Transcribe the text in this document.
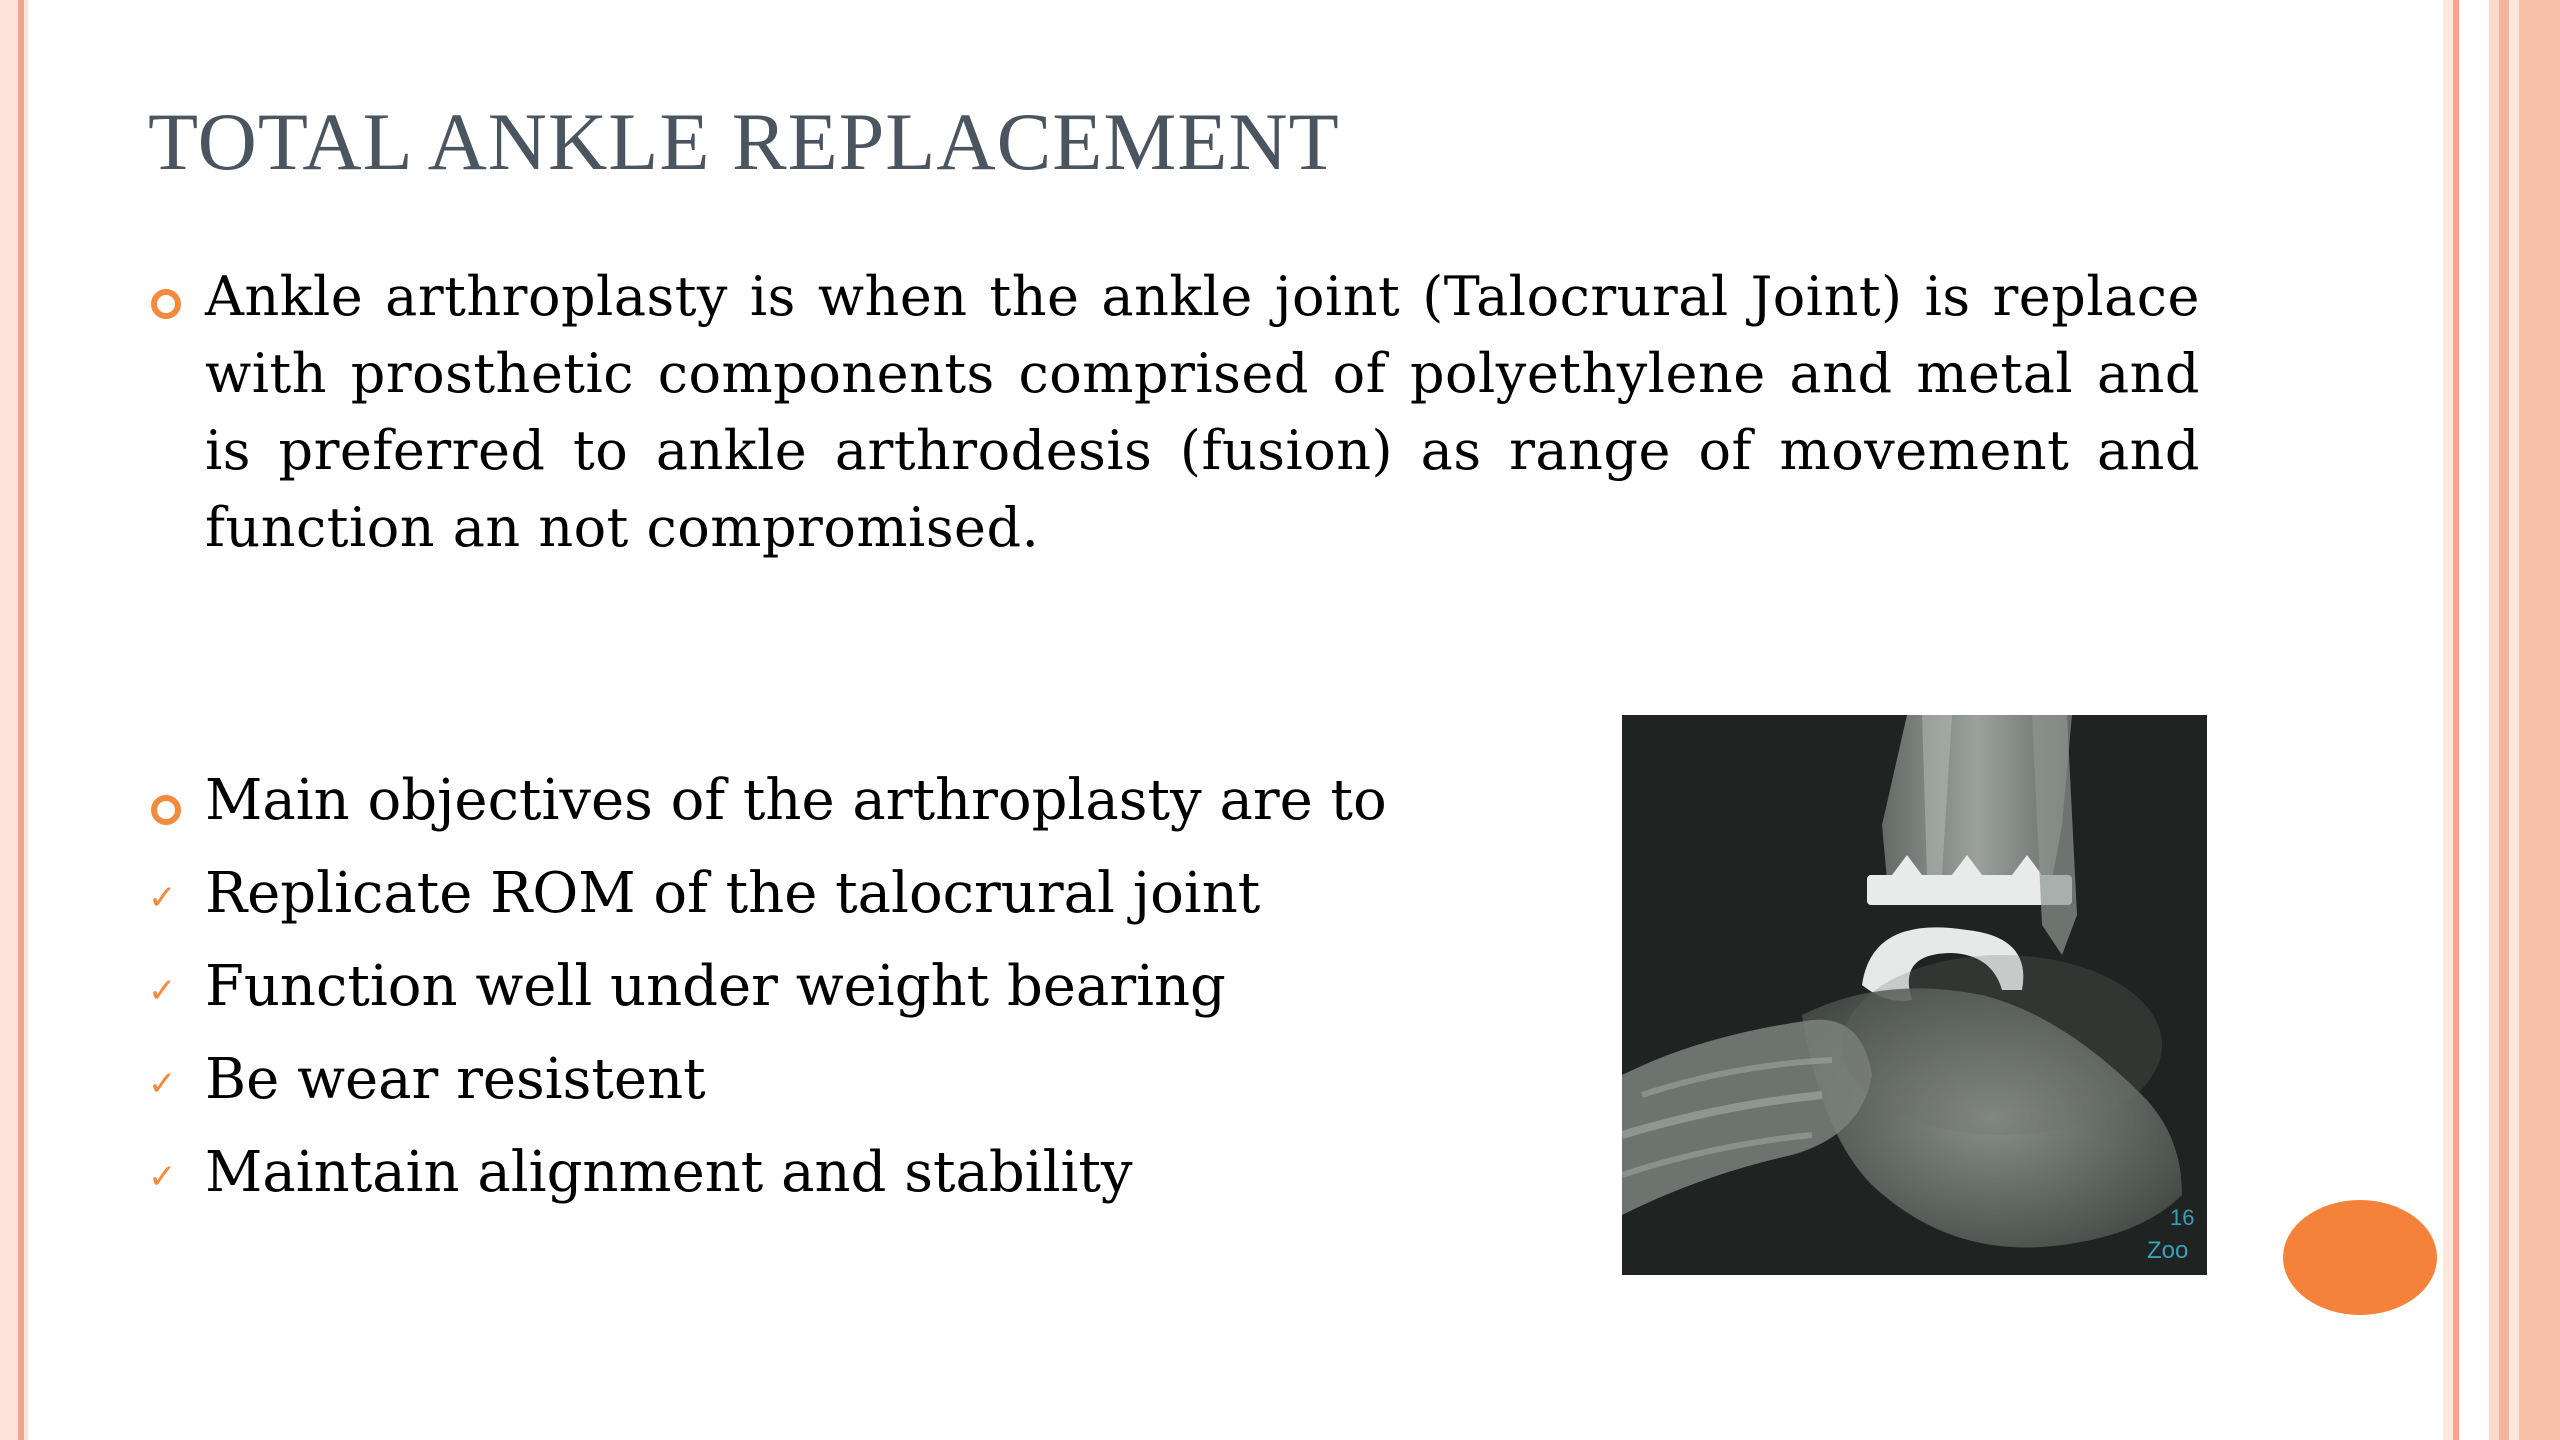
TOTAL ANKLE REPLACEMENT

Ankle arthroplasty is when the ankle joint (Talocrural Joint) is replace with prosthetic components comprised of polyethylene and metal and is preferred to ankle arthrodesis (fusion) as range of movement and function an not compromised.

Main objectives of the arthroplasty are to

✓ Replicate ROM of the talocrural joint

✓ Function well under weight bearing

✓ Be wear resistent

✓ Maintain alignment and stability

16
Zoo
